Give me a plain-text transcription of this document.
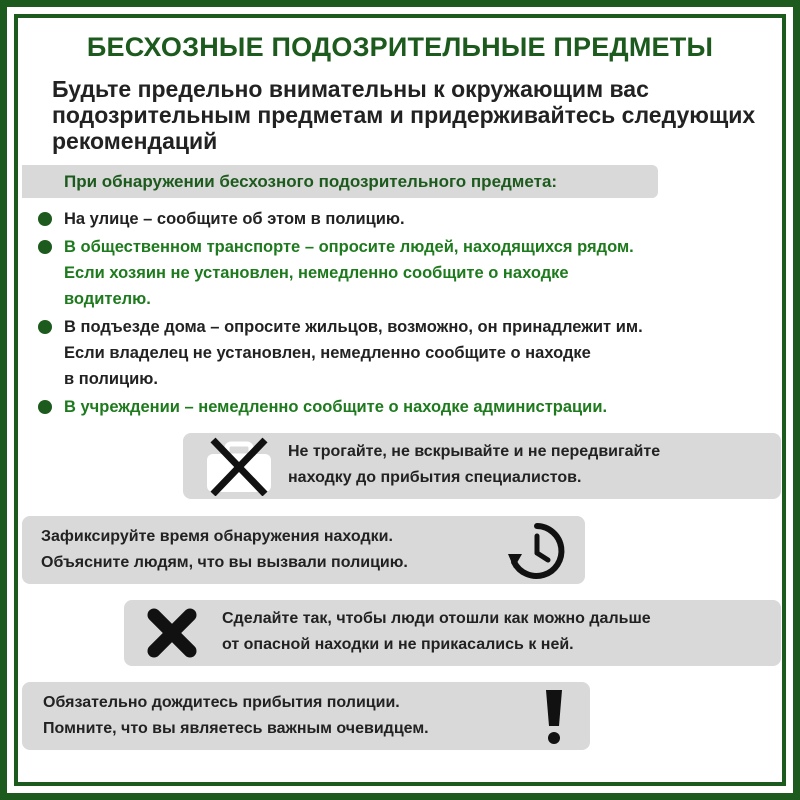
БЕСХОЗНЫЕ ПОДОЗРИТЕЛЬНЫЕ ПРЕДМЕТЫ
Будьте предельно внимательны к окружающим вас подозрительным предметам и придерживайтесь следующих рекомендаций
При обнаружении бесхозного подозрительного предмета:
На улице – сообщите об этом в полицию.
В общественном транспорте – опросите людей, находящихся рядом.
Если хозяин не установлен, немедленно сообщите о находке
водителю.
В подъезде дома – опросите жильцов, возможно, он принадлежит им.
Если владелец не установлен, немедленно сообщите о находке
в полицию.
В учреждении – немедленно сообщите о находке администрации.
Не трогайте, не вскрывайте и не передвигайте
находку до прибытия специалистов.
Зафиксируйте время обнаружения находки.
Объясните людям, что вы вызвали полицию.
Сделайте так, чтобы люди отошли как можно дальше
от опасной находки и не прикасались к ней.
Обязательно дождитесь прибытия полиции.
Помните, что вы являетесь важным очевидцем.
